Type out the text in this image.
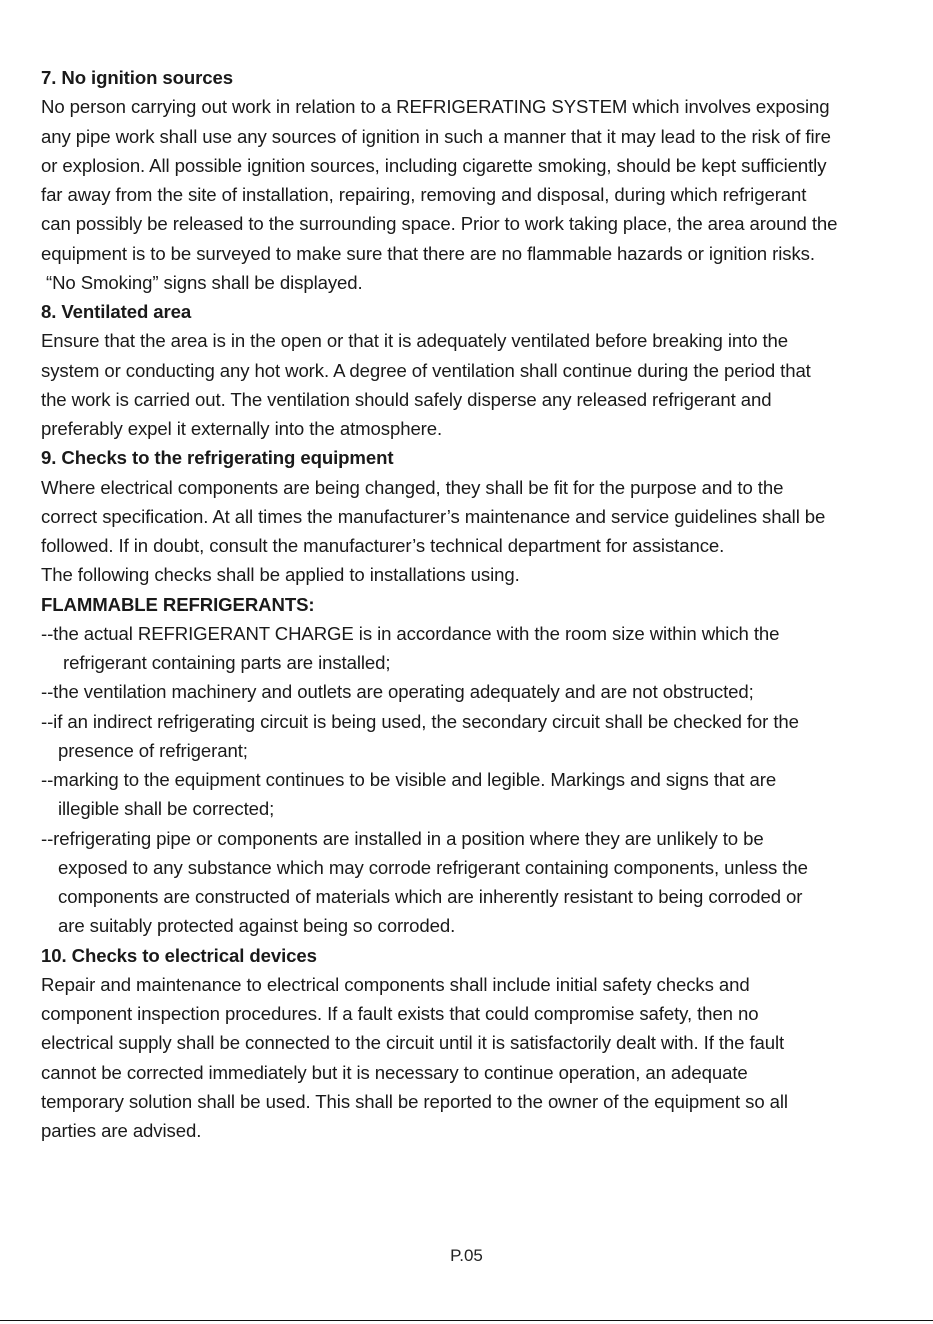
7. No ignition sources
No person carrying out work in relation to a REFRIGERATING SYSTEM which involves exposing
any pipe work shall use any sources of ignition in such a manner that it may lead to the risk of fire
or explosion. All possible ignition sources, including cigarette smoking, should be kept sufficiently
far away from the site of installation, repairing, removing and disposal, during which refrigerant
can possibly be released to the surrounding space. Prior to work taking place, the area around the
equipment is to be surveyed to make sure that there are no flammable hazards or ignition risks.
“No Smoking” signs shall be displayed.
8. Ventilated area
Ensure that the area is in the open or that it is adequately ventilated before breaking into the
system or conducting any hot work. A degree of ventilation shall continue during the period that
the work is carried out. The ventilation should safely disperse any released refrigerant and
preferably expel it externally into the atmosphere.
9. Checks to the refrigerating equipment
Where electrical components are being changed, they shall be fit for the purpose and to the
correct specification. At all times the manufacturer’s maintenance and service guidelines shall be
followed. If in doubt, consult the manufacturer’s technical department for assistance.
The following checks shall be applied to installations using.
FLAMMABLE REFRIGERANTS:
--the actual REFRIGERANT CHARGE is in accordance with the room size within which the
refrigerant containing parts are installed;
--the ventilation machinery and outlets are operating adequately and are not obstructed;
--if an indirect refrigerating circuit is being used, the secondary circuit shall be checked for the
presence of refrigerant;
--marking to the equipment continues to be visible and legible. Markings and signs that are
illegible shall be corrected;
--refrigerating pipe or components are installed in a position where they are unlikely to be
exposed to any substance which may corrode refrigerant containing components, unless the
components are constructed of materials which are inherently resistant to being corroded or
are suitably protected against being so corroded.
10. Checks to electrical devices
Repair and maintenance to electrical components shall include initial safety checks and
component inspection procedures. If a fault exists that could compromise safety, then no
electrical supply shall be connected to the circuit until it is satisfactorily dealt with. If the fault
cannot be corrected immediately but it is necessary to continue operation, an adequate
temporary solution shall be used. This shall be reported to the owner of the equipment so all
parties are advised.
P.05
